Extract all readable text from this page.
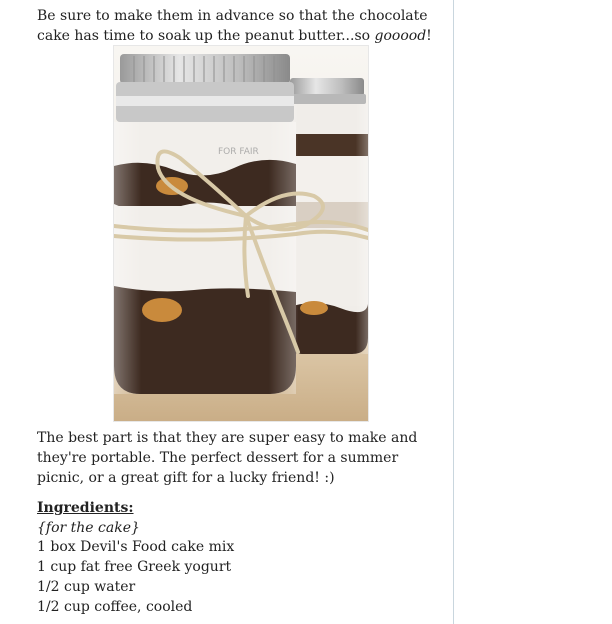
Be sure to make them in advance so that the chocolate cake has time to soak up the peanut butter...so gooood!

The best part is that they are super easy to make and they're portable. The perfect dessert for a summer picnic, or a great gift for a lucky friend! :)

Ingredients:
{for the cake}
1 box Devil's Food cake mix
1 cup fat free Greek yogurt
1/2 cup water
1/2 cup coffee, cooled
